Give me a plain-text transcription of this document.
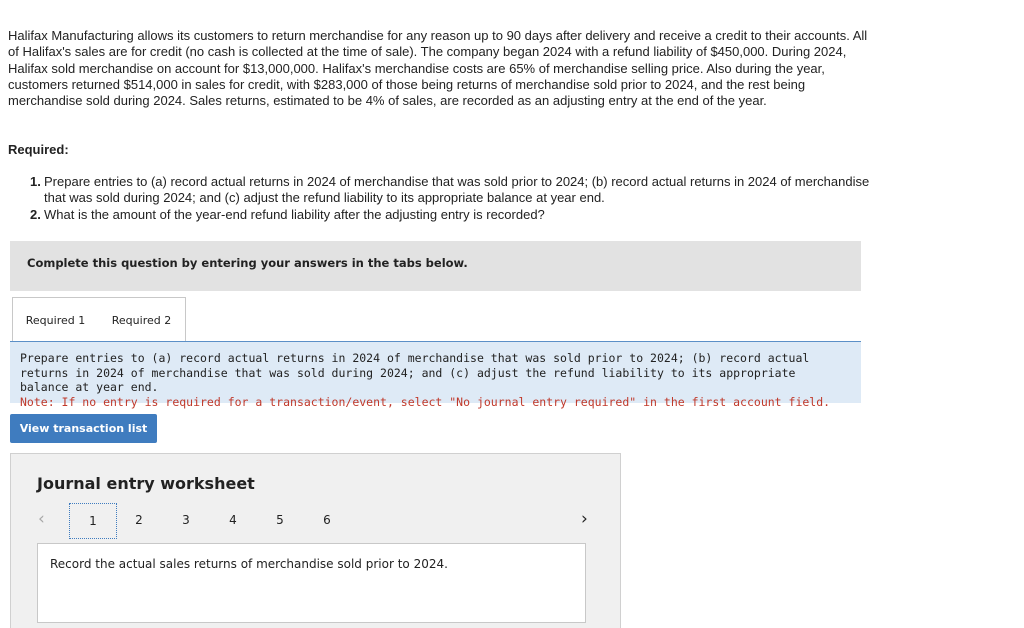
Halifax Manufacturing allows its customers to return merchandise for any reason up to 90 days after delivery and receive a credit to their accounts. All of Halifax's sales are for credit (no cash is collected at the time of sale). The company began 2024 with a refund liability of $450,000. During 2024, Halifax sold merchandise on account for $13,000,000. Halifax's merchandise costs are 65% of merchandise selling price. Also during the year, customers returned $514,000 in sales for credit, with $283,000 of those being returns of merchandise sold prior to 2024, and the rest being merchandise sold during 2024. Sales returns, estimated to be 4% of sales, are recorded as an adjusting entry at the end of the year.
Required:
1. Prepare entries to (a) record actual returns in 2024 of merchandise that was sold prior to 2024; (b) record actual returns in 2024 of merchandise that was sold during 2024; and (c) adjust the refund liability to its appropriate balance at year end.
2. What is the amount of the year-end refund liability after the adjusting entry is recorded?
Complete this question by entering your answers in the tabs below.
Required 1	Required 2
Prepare entries to (a) record actual returns in 2024 of merchandise that was sold prior to 2024; (b) record actual returns in 2024 of merchandise that was sold during 2024; and (c) adjust the refund liability to its appropriate balance at year end.
Note: If no entry is required for a transaction/event, select "No journal entry required" in the first account field.
View transaction list
Journal entry worksheet
‹	1	2	3	4	5	6	›
Record the actual sales returns of merchandise sold prior to 2024.
